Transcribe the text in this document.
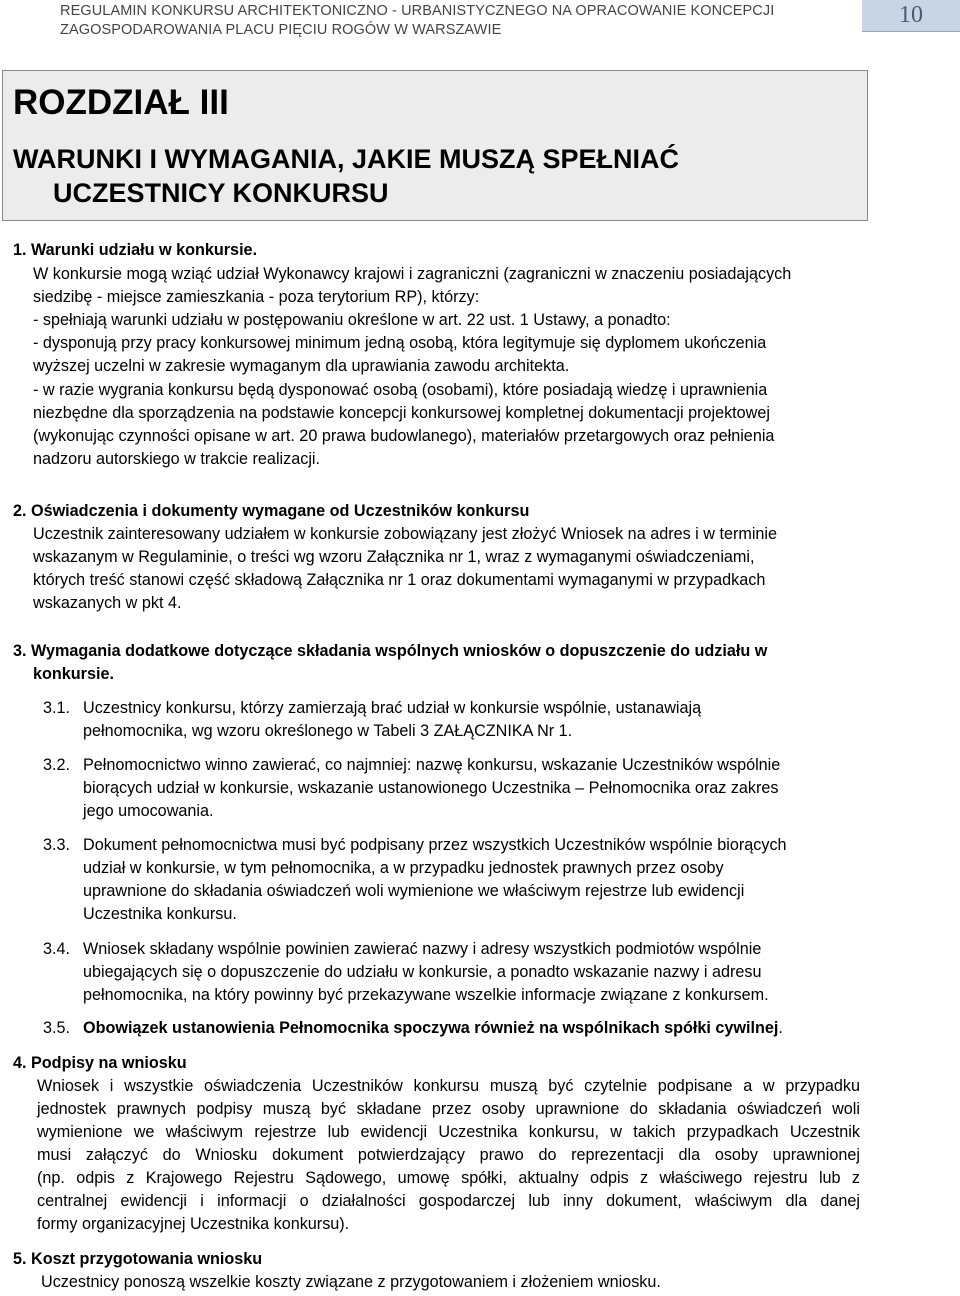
REGULAMIN KONKURSU ARCHITEKTONICZNO - URBANISTYCZNEGO NA OPRACOWANIE KONCEPCJI
ZAGOSPODAROWANIA PLACU PIĘCIU ROGÓW W WARSZAWIE
10
ROZDZIAŁ III
WARUNKI I WYMAGANIA, JAKIE MUSZĄ SPEŁNIAĆ
UCZESTNICY KONKURSU
1. Warunki udziału w konkursie.
W konkursie mogą wziąć udział Wykonawcy krajowi i zagraniczni (zagraniczni w znaczeniu posiadających
siedzibę - miejsce zamieszkania - poza terytorium RP), którzy:
- spełniają warunki udziału w postępowaniu określone w art. 22 ust. 1 Ustawy, a ponadto:
- dysponują przy pracy konkursowej minimum jedną osobą, która legitymuje się dyplomem ukończenia
wyższej uczelni w zakresie wymaganym dla uprawiania zawodu architekta.
- w razie wygrania konkursu będą dysponować osobą (osobami), które posiadają wiedzę i uprawnienia
niezbędne dla sporządzenia na podstawie koncepcji konkursowej kompletnej dokumentacji projektowej
(wykonując czynności opisane w art. 20 prawa budowlanego), materiałów przetargowych oraz pełnienia
nadzoru autorskiego w trakcie realizacji.
2. Oświadczenia i dokumenty wymagane od Uczestników konkursu
Uczestnik zainteresowany udziałem w konkursie zobowiązany jest złożyć Wniosek na adres i w terminie
wskazanym w Regulaminie, o treści wg wzoru Załącznika nr 1, wraz z wymaganymi oświadczeniami,
których treść stanowi część składową Załącznika nr 1 oraz dokumentami wymaganymi w przypadkach
wskazanych w pkt 4.
3. Wymagania dodatkowe dotyczące składania wspólnych wniosków o dopuszczenie do udziału w
konkursie.
3.1. Uczestnicy konkursu, którzy zamierzają brać udział w konkursie wspólnie, ustanawiają
pełnomocnika, wg wzoru określonego w Tabeli 3 ZAŁĄCZNIKA Nr 1.
3.2. Pełnomocnictwo winno zawierać, co najmniej: nazwę konkursu, wskazanie Uczestników wspólnie
biorących udział w konkursie, wskazanie ustanowionego Uczestnika – Pełnomocnika oraz zakres
jego umocowania.
3.3. Dokument pełnomocnictwa musi być podpisany przez wszystkich Uczestników wspólnie biorących
udział w konkursie, w tym pełnomocnika, a w przypadku jednostek prawnych przez osoby
uprawnione do składania oświadczeń woli wymienione we właściwym rejestrze lub ewidencji
Uczestnika konkursu.
3.4. Wniosek składany wspólnie powinien zawierać nazwy i adresy wszystkich podmiotów wspólnie
ubiegających się o dopuszczenie do udziału w konkursie, a ponadto wskazanie nazwy i adresu
pełnomocnika, na który powinny być przekazywane wszelkie informacje związane z konkursem.
3.5. Obowiązek ustanowienia Pełnomocnika spoczywa również na wspólnikach spółki cywilnej.
4. Podpisy na wniosku
Wniosek i wszystkie oświadczenia Uczestników konkursu muszą być czytelnie podpisane a w przypadku
jednostek prawnych podpisy muszą być składane przez osoby uprawnione do składania oświadczeń woli
wymienione we właściwym rejestrze lub ewidencji Uczestnika konkursu, w takich przypadkach Uczestnik
musi załączyć do Wniosku dokument potwierdzający prawo do reprezentacji dla osoby uprawnionej
(np. odpis z Krajowego Rejestru Sądowego, umowę spółki, aktualny odpis z właściwego rejestru lub z
centralnej ewidencji i informacji o działalności gospodarczej lub inny dokument, właściwym dla danej
formy organizacyjnej Uczestnika konkursu).
5. Koszt przygotowania wniosku
Uczestnicy ponoszą wszelkie koszty związane z przygotowaniem i złożeniem wniosku.
